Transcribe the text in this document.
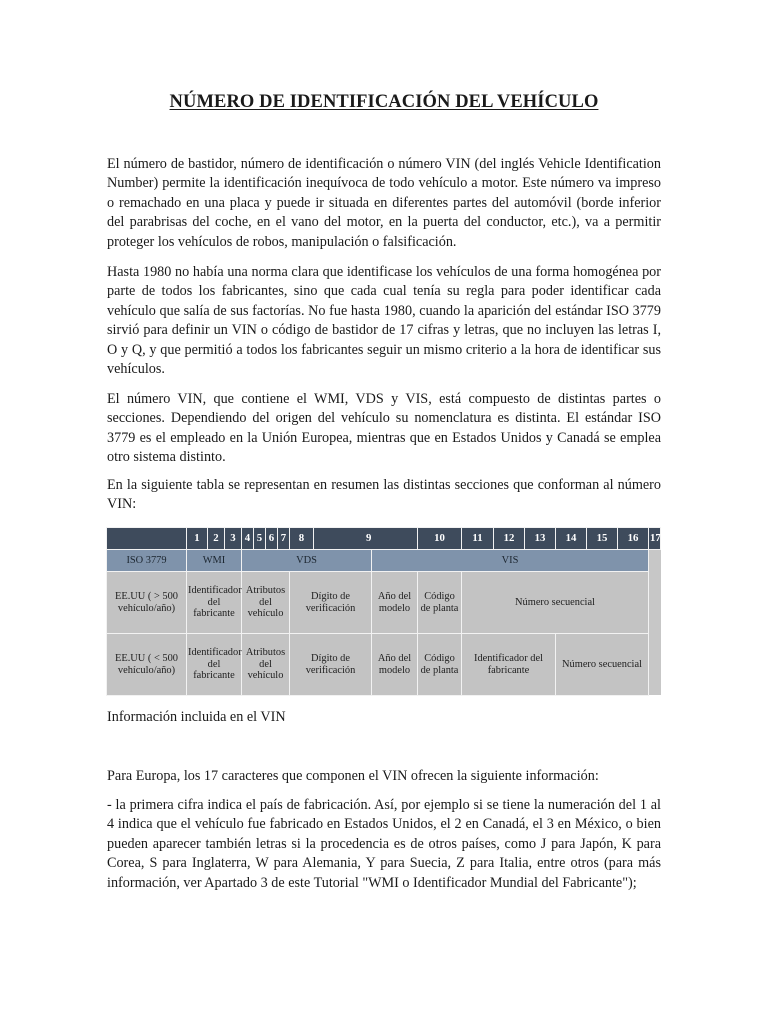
NÚMERO DE IDENTIFICACIÓN DEL VEHÍCULO

El número de bastidor, número de identificación o número VIN (del inglés Vehicle Identification Number) permite la identificación inequívoca de todo vehículo a motor. Este número va impreso o remachado en una placa y puede ir situada en diferentes partes del automóvil (borde inferior del parabrisas del coche, en el vano del motor, en la puerta del conductor, etc.), va a permitir proteger los vehículos de robos, manipulación o falsificación.

Hasta 1980 no había una norma clara que identificase los vehículos de una forma homogénea por parte de todos los fabricantes, sino que cada cual tenía su regla para poder identificar cada vehículo que salía de sus factorías. No fue hasta 1980, cuando la aparición del estándar ISO 3779 sirvió para definir un VIN o código de bastidor de 17 cifras y letras, que no incluyen las letras I, O y Q, y que permitió a todos los fabricantes seguir un mismo criterio a la hora de identificar sus vehículos.

El número VIN, que contiene el WMI, VDS y VIS, está compuesto de distintas partes o secciones. Dependiendo del origen del vehículo su nomenclatura es distinta. El estándar ISO 3779 es el empleado en la Unión Europea, mientras que en Estados Unidos y Canadá se emplea otro sistema distinto.

En la siguiente tabla se representan en resumen las distintas secciones que conforman al número VIN:

	1	2	3	4	5	6	7	8	9		10	11	12	13	14	15	16	17
ISO 3779	WMI			VDS						VIS								
EE.UU ( > 500 vehículo/año)	Identificador del fabricante			Atributos del vehículo				Dígito de verificación		Año del modelo	Código de planta	Número secuencial						
EE.UU ( < 500 vehículo/año)	Identificador del fabricante			Atributos del vehículo				Dígito de verificación		Año del modelo	Código de planta	Identificador del fabricante			Número secuencial			

Información incluida en el VIN

Para Europa, los 17 caracteres que componen el VIN ofrecen la siguiente información:

- la primera cifra indica el país de fabricación. Así, por ejemplo si se tiene la numeración del 1 al 4 indica que el vehículo fue fabricado en Estados Unidos, el 2 en Canadá, el 3 en México, o bien pueden aparecer también letras si la procedencia es de otros países, como J para Japón, K para Corea, S para Inglaterra, W para Alemania, Y para Suecia, Z para Italia, entre otros (para más información, ver Apartado 3 de este Tutorial "WMI o Identificador Mundial del Fabricante");
